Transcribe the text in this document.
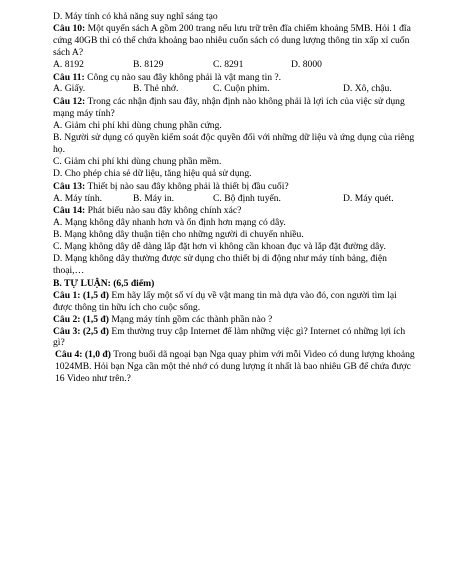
D. Máy tính có khả năng suy nghĩ sáng tạo
Câu 10: Một quyển sách A gồm 200 trang nếu lưu trữ trên đĩa chiếm khoảng 5MB. Hỏi 1 đĩa cứng 40GB thì có thể chứa khoảng bao nhiêu cuốn sách có dung lượng thông tin xấp xỉ cuốn sách A?
A. 8192	B. 8129	C. 8291	D. 8000
Câu 11: Công cụ nào sau đây không phải là vật mang tin ?.
A. Giấy.	B. Thẻ nhớ.	C. Cuộn phim.	D. Xô, chậu.
Câu 12: Trong các nhận định sau đây, nhận định nào không phải là lợi ích của việc sử dụng mạng máy tính?
A. Giảm chi phí khi dùng chung phần cứng.
B. Người sử dụng có quyền kiểm soát độc quyền đối với những dữ liệu và ứng dụng của riêng họ.
C. Giảm chi phí khi dùng chung phần mềm.
D. Cho phép chia sẻ dữ liệu, tăng hiệu quả sử dụng.
Câu 13: Thiết bị nào sau đây không phải là thiết bị đầu cuối?
A. Máy tính.	B. Máy in.	C. Bộ định tuyến.	D. Máy quét.
Câu 14: Phát biểu nào sau đây không chính xác?
A. Mạng không dây nhanh hơn và ổn định hơn mạng có dây.
B. Mạng không dây thuận tiện cho những người di chuyển nhiều.
C. Mạng không dây dễ dàng lắp đặt hơn vì không cần khoan đục và lắp đặt đường dây.
D. Mạng không dây thường được sử dụng cho thiết bị di động như máy tính bảng, điện thoại,…
B. TỰ LUẬN: (6,5 điểm)
Câu 1: (1,5 đ) Em hãy lấy một số ví dụ về vật mang tin mà dựa vào đó, con người tìm lại được thông tin hữu ích cho cuộc sống.
Câu 2: (1,5 đ) Mạng máy tính gồm các thành phần nào ?
Câu 3: (2,5 đ) Em thường truy cập Internet để làm những việc gì? Internet có những lợi ích gì?
Câu 4: (1,0 đ) Trong buổi dã ngoại bạn Nga quay phim với mỗi Video có dung lượng khoảng 1024MB. Hỏi bạn Nga cần một thẻ nhớ có dung lượng ít nhất là bao nhiêu GB để chứa được 16 Video như trên.?
